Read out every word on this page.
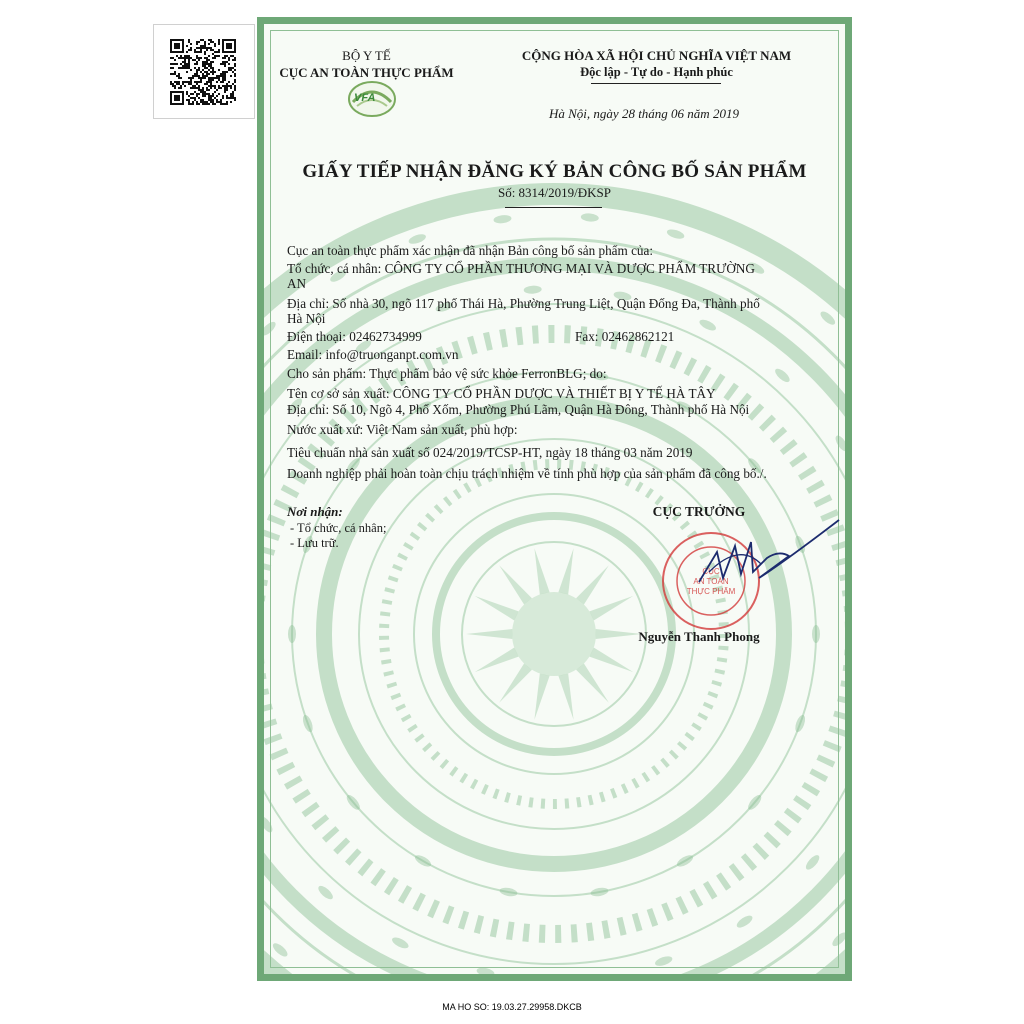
BỘ Y TẾ
CỤC AN TOÀN THỰC PHẨM
VFA
CỘNG HÒA XÃ HỘI CHỦ NGHĨA VIỆT NAM
Độc lập - Tự do - Hạnh phúc
Hà Nội, ngày 28 tháng 06 năm 2019
GIẤY TIẾP NHẬN ĐĂNG KÝ BẢN CÔNG BỐ SẢN PHẨM
Số: 8314/2019/ĐKSP
Cục an toàn thực phẩm xác nhận đã nhận Bản công bố sản phẩm của:
Tổ chức, cá nhân: CÔNG TY CỔ PHẦN THƯƠNG MẠI VÀ DƯỢC PHẨM TRƯỜNG
AN
Địa chỉ: Số nhà 30, ngõ 117 phố Thái Hà, Phường Trung Liệt, Quận Đống Đa, Thành phố
Hà Nội
Điện thoại: 02462734999	Fax: 02462862121
Email: info@truonganpt.com.vn
Cho sản phẩm: Thực phẩm bảo vệ sức khỏe FerronBLG; do:
Tên cơ sở sản xuất: CÔNG TY CỔ PHẦN DƯỢC VÀ THIẾT BỊ Y TẾ HÀ TÂY
Địa chỉ: Số 10, Ngõ 4, Phố Xốm, Phường Phú Lãm, Quận Hà Đông, Thành phố Hà Nội
Nước xuất xứ: Việt Nam sản xuất, phù hợp:
Tiêu chuẩn nhà sản xuất số 024/2019/TCSP-HT, ngày 18 tháng 03 năm 2019
Doanh nghiệp phải hoàn toàn chịu trách nhiệm về tính phù hợp của sản phẩm đã công bố./.
Nơi nhận:
- Tổ chức, cá nhân;
- Lưu trữ.
CỤC TRƯỞNG
CỤC
AN TOÀN
THỰC PHẨM
Nguyễn Thanh Phong
MA HO SO: 19.03.27.29958.DKCB
